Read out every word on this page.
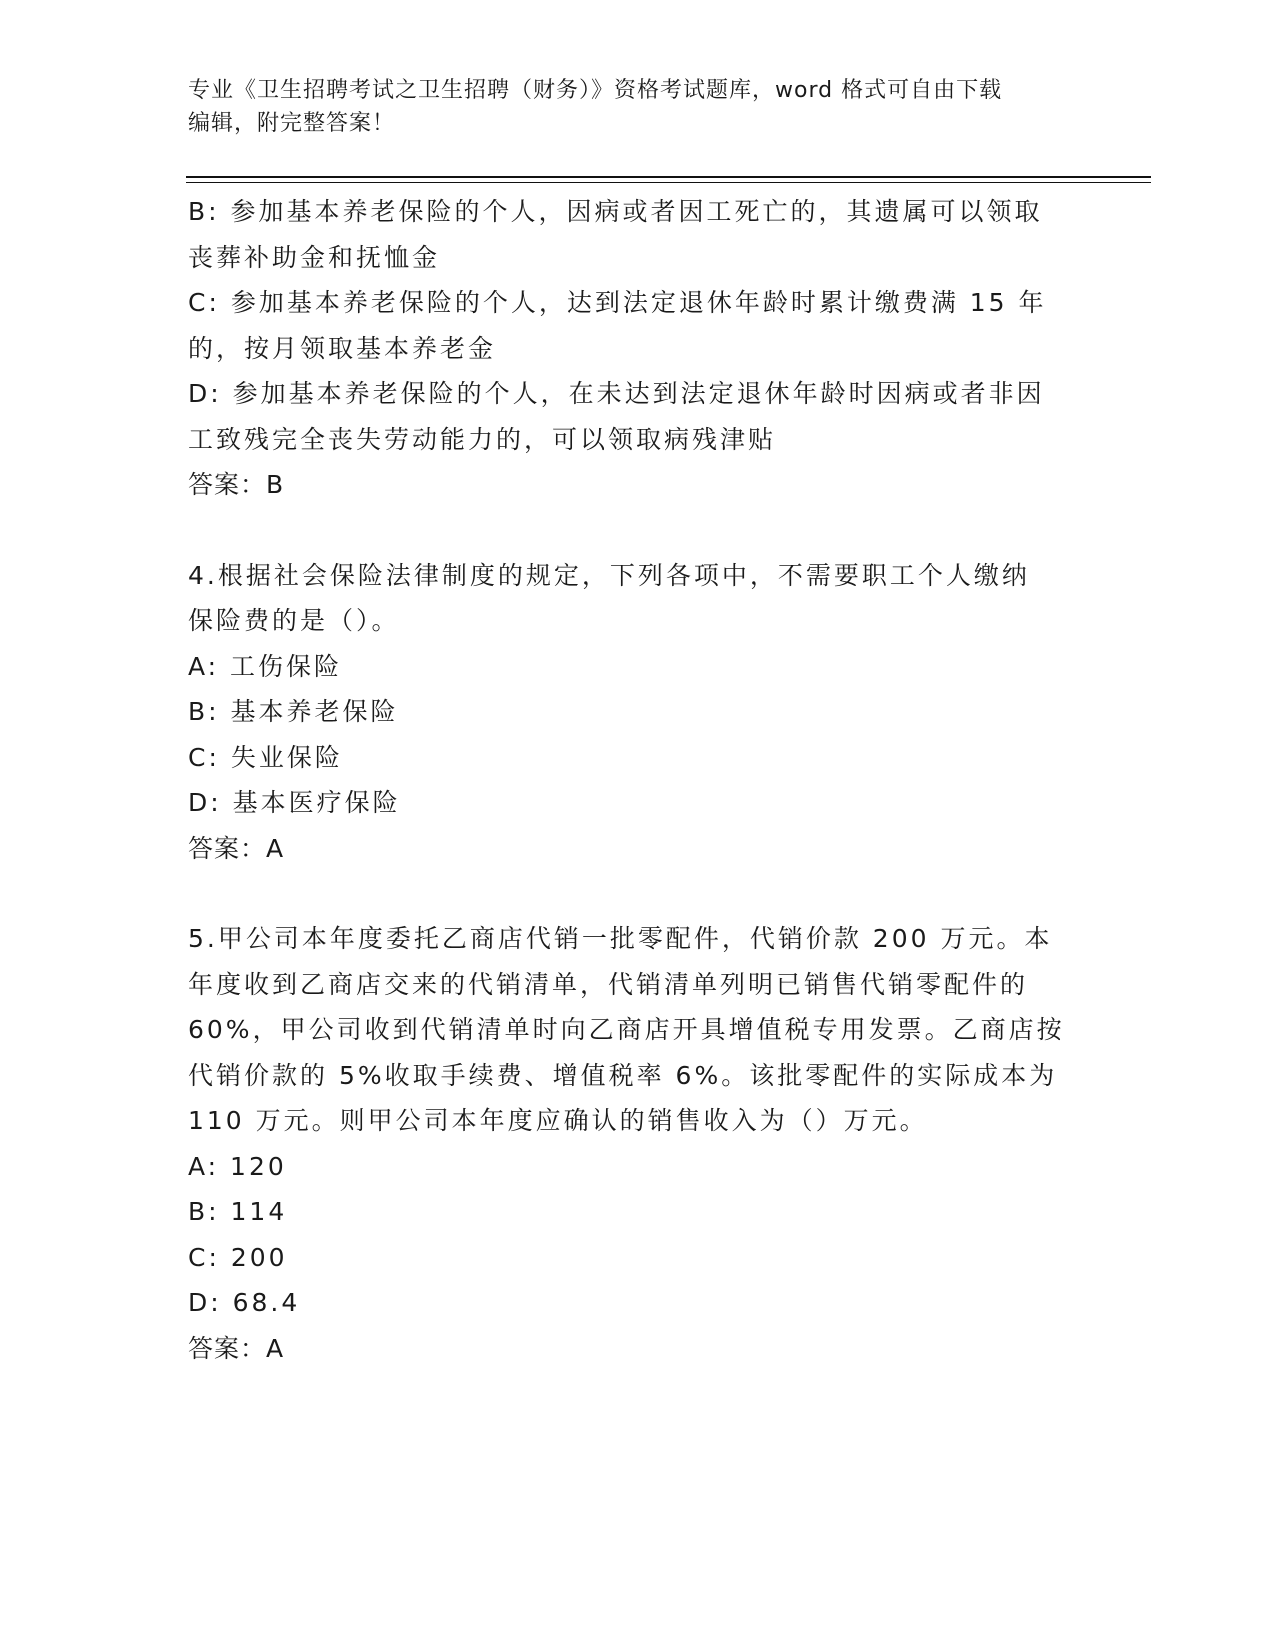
专业《卫生招聘考试之卫生招聘（财务）》资格考试题库，word 格式可自由下载
编辑，附完整答案！
B: 参加基本养老保险的个人，因病或者因工死亡的，其遗属可以领取
丧葬补助金和抚恤金
C: 参加基本养老保险的个人，达到法定退休年龄时累计缴费满 15 年
的，按月领取基本养老金
D: 参加基本养老保险的个人，在未达到法定退休年龄时因病或者非因
工致残完全丧失劳动能力的，可以领取病残津贴
答案：B
4.根据社会保险法律制度的规定，下列各项中，不需要职工个人缴纳
保险费的是（）。
A: 工伤保险
B: 基本养老保险
C: 失业保险
D: 基本医疗保险
答案：A
5.甲公司本年度委托乙商店代销一批零配件，代销价款 200 万元。本
年度收到乙商店交来的代销清单，代销清单列明已销售代销零配件的
60%，甲公司收到代销清单时向乙商店开具增值税专用发票。乙商店按
代销价款的 5%收取手续费、增值税率 6%。该批零配件的实际成本为
110 万元。则甲公司本年度应确认的销售收入为（）万元。
A: 120
B: 114
C: 200
D: 68.4
答案：A
